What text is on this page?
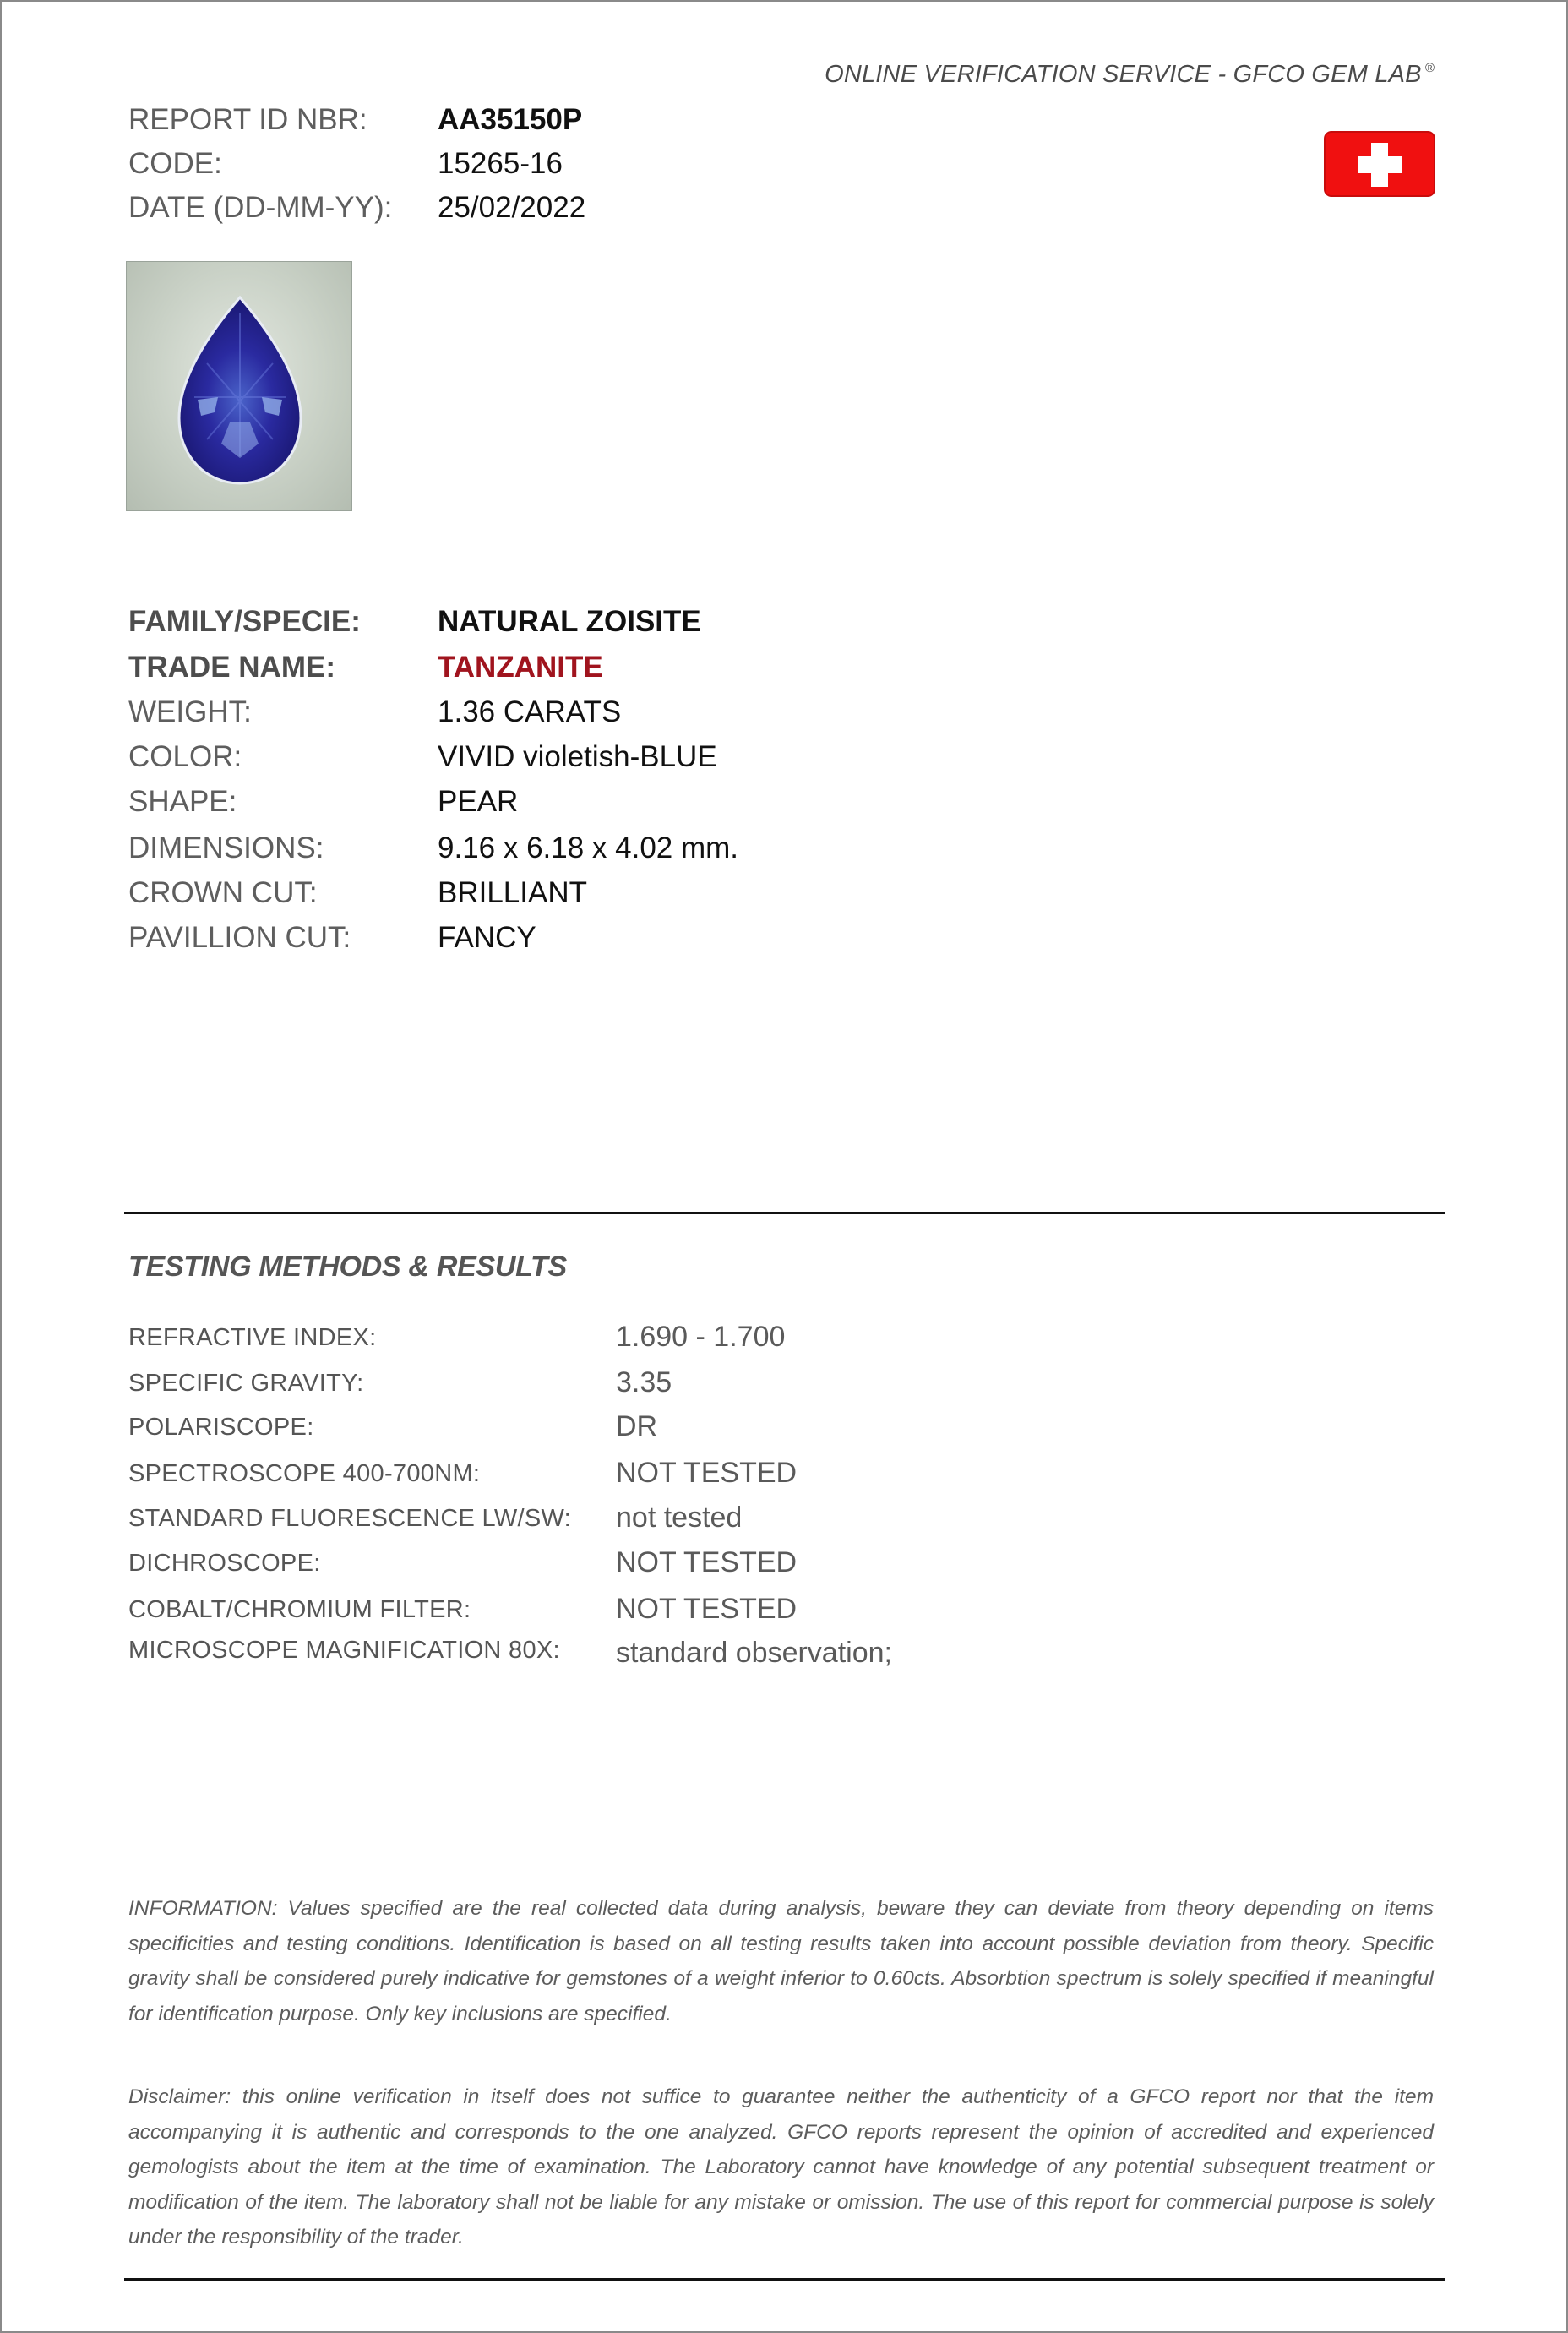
ONLINE VERIFICATION SERVICE - GFCO GEM LAB ®
REPORT ID NBR: AA35150P
CODE:	15265-16
DATE (DD-MM-YY): 25/02/2022
FAMILY/SPECIE:	NATURAL ZOISITE
TRADE NAME:	TANZANITE
WEIGHT:	1.36 CARATS
COLOR:	VIVID violetish-BLUE
SHAPE:	PEAR
DIMENSIONS:	9.16 x 6.18 x 4.02 mm.
CROWN CUT:	BRILLIANT
PAVILLION CUT:	FANCY
TESTING METHODS & RESULTS
REFRACTIVE INDEX:	1.690 - 1.700
SPECIFIC GRAVITY:	3.35
POLARISCOPE:	DR
SPECTROSCOPE 400-700NM:	NOT TESTED
STANDARD FLUORESCENCE LW/SW: not tested
DICHROSCOPE:	NOT TESTED
COBALT/CHROMIUM FILTER:	NOT TESTED
MICROSCOPE MAGNIFICATION 80X: standard observation;
INFORMATION: Values specified are the real collected data during analysis, beware they can deviate from theory depending on items specificities and testing conditions. Identification is based on all testing results taken into account possible deviation from theory. Specific gravity shall be considered purely indicative for gemstones of a weight inferior to 0.60cts. Absorbtion spectrum is solely specified if meaningful for identification purpose. Only key inclusions are specified.
Disclaimer: this online verification in itself does not suffice to guarantee neither the authenticity of a GFCO report nor that the item accompanying it is authentic and corresponds to the one analyzed. GFCO reports represent the opinion of accredited and experienced gemologists about the item at the time of examination. The Laboratory cannot have knowledge of any potential subsequent treatment or modification of the item. The laboratory shall not be liable for any mistake or omission. The use of this report for commercial purpose is solely under the responsibility of the trader.
